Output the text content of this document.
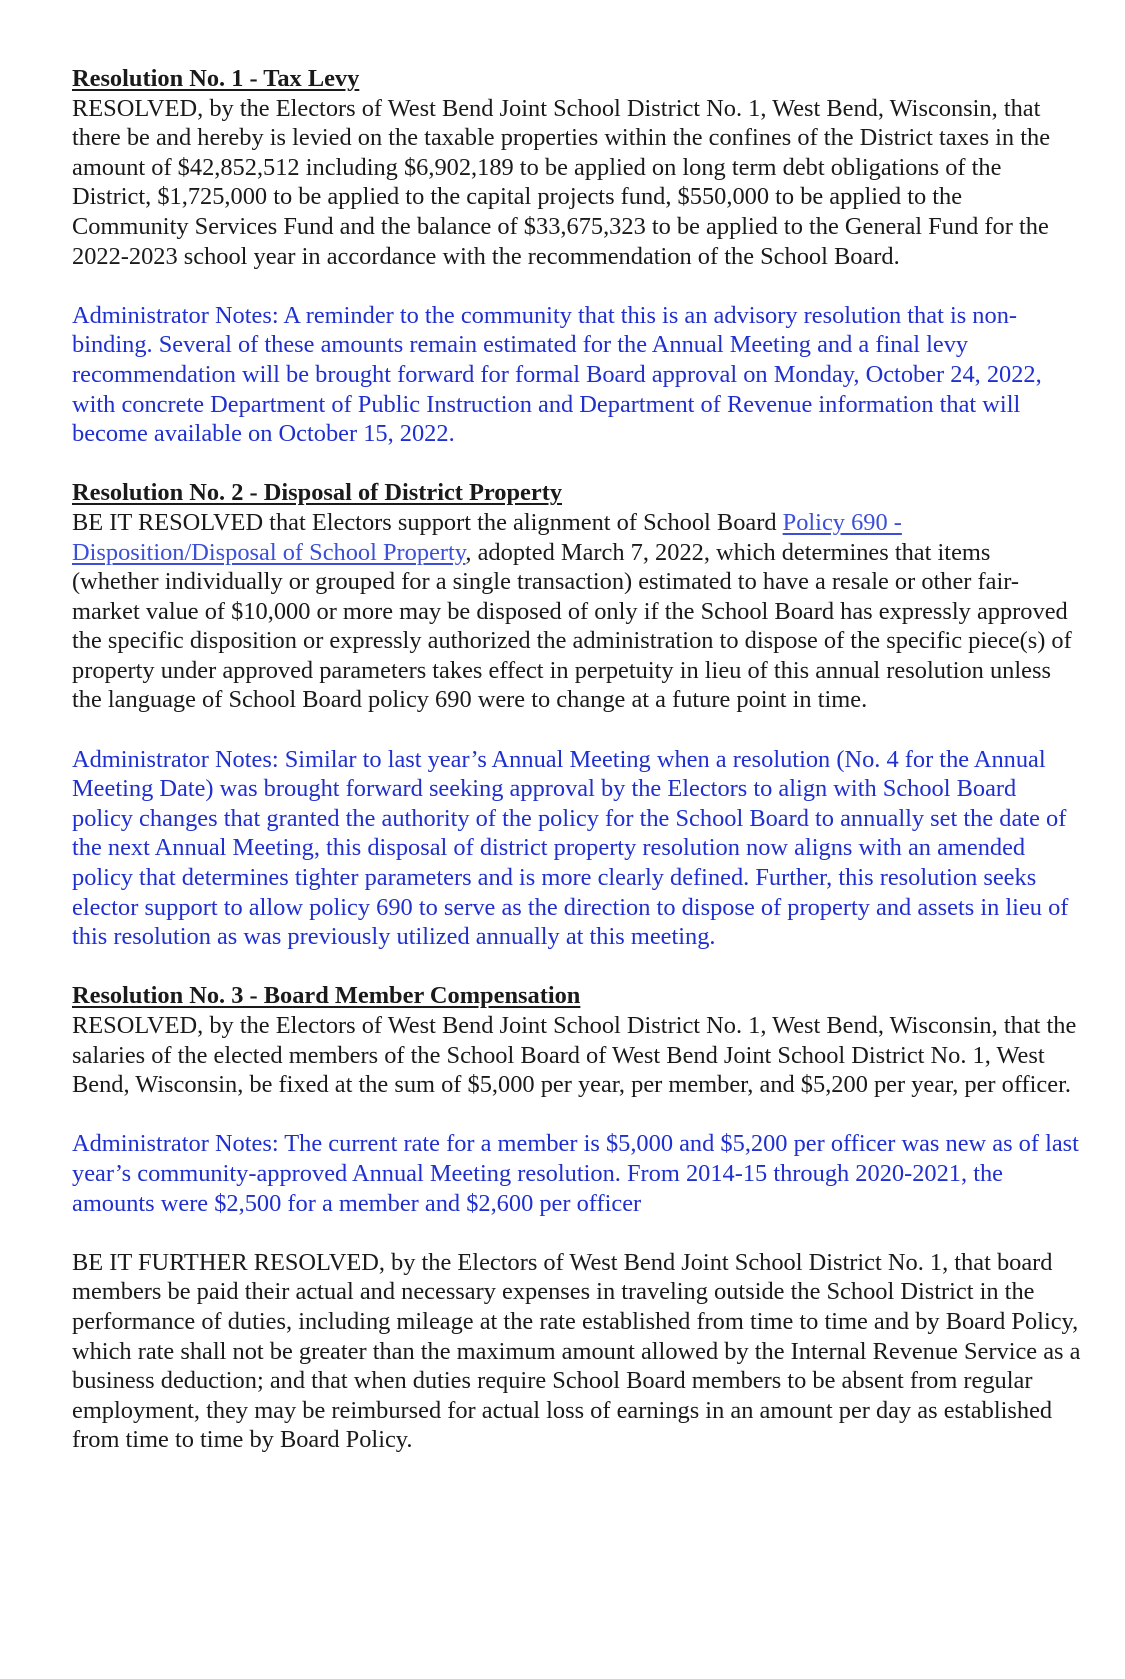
Resolution No. 1 - Tax Levy

RESOLVED, by the Electors of West Bend Joint School District No. 1, West Bend, Wisconsin, that there be and hereby is levied on the taxable properties within the confines of the District taxes in the amount of $42,852,512 including $6,902,189 to be applied on long term debt obligations of the District, $1,725,000 to be applied to the capital projects fund, $550,000 to be applied to the Community Services Fund and the balance of $33,675,323 to be applied to the General Fund for the 2022-2023 school year in accordance with the recommendation of the School Board.

Administrator Notes: A reminder to the community that this is an advisory resolution that is non-binding. Several of these amounts remain estimated for the Annual Meeting and a final levy recommendation will be brought forward for formal Board approval on Monday, October 24, 2022, with concrete Department of Public Instruction and Department of Revenue information that will become available on October 15, 2022.

Resolution No. 2 - Disposal of District Property

BE IT RESOLVED that Electors support the alignment of School Board Policy 690 - Disposition/Disposal of School Property, adopted March 7, 2022, which determines that items (whether individually or grouped for a single transaction) estimated to have a resale or other fair-market value of $10,000 or more may be disposed of only if the School Board has expressly approved the specific disposition or expressly authorized the administration to dispose of the specific piece(s) of property under approved parameters takes effect in perpetuity in lieu of this annual resolution unless the language of School Board policy 690 were to change at a future point in time.

Administrator Notes: Similar to last year’s Annual Meeting when a resolution (No. 4 for the Annual Meeting Date) was brought forward seeking approval by the Electors to align with School Board policy changes that granted the authority of the policy for the School Board to annually set the date of the next Annual Meeting, this disposal of district property resolution now aligns with an amended policy that determines tighter parameters and is more clearly defined. Further, this resolution seeks elector support to allow policy 690 to serve as the direction to dispose of property and assets in lieu of this resolution as was previously utilized annually at this meeting.

Resolution No. 3 - Board Member Compensation

RESOLVED, by the Electors of West Bend Joint School District No. 1, West Bend, Wisconsin, that the salaries of the elected members of the School Board of West Bend Joint School District No. 1, West Bend, Wisconsin, be fixed at the sum of $5,000 per year, per member, and $5,200 per year, per officer.

Administrator Notes: The current rate for a member is $5,000 and $5,200 per officer was new as of last year’s community-approved Annual Meeting resolution. From 2014-15 through 2020-2021, the amounts were $2,500 for a member and $2,600 per officer

BE IT FURTHER RESOLVED, by the Electors of West Bend Joint School District No. 1, that board members be paid their actual and necessary expenses in traveling outside the School District in the performance of duties, including mileage at the rate established from time to time and by Board Policy, which rate shall not be greater than the maximum amount allowed by the Internal Revenue Service as a business deduction; and that when duties require School Board members to be absent from regular employment, they may be reimbursed for actual loss of earnings in an amount per day as established from time to time by Board Policy.
